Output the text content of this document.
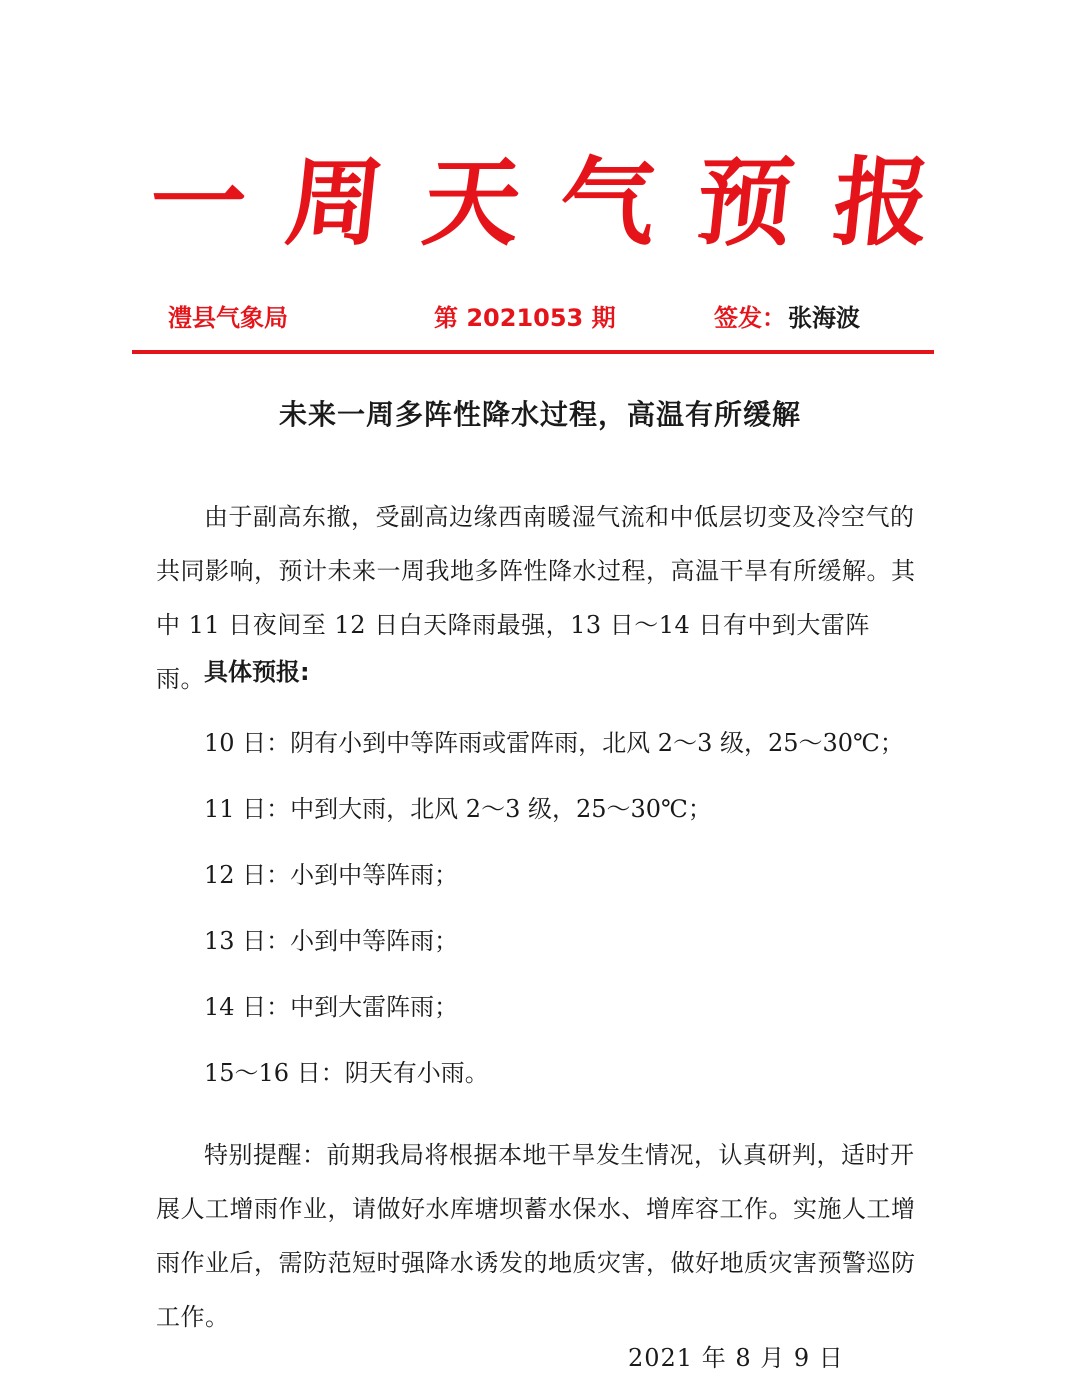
一 周 天 气 预 报
澧县气象局	第 2021053 期	签发： 张海波
未来一周多阵性降水过程，高温有所缓解

由于副高东撤，受副高边缘西南暖湿气流和中低层切变及冷空气的共同影响，预计未来一周我地多阵性降水过程，高温干旱有所缓解。其中 11 日夜间至 12 日白天降雨最强，13 日～14 日有中到大雷阵雨。 具体预报:
10 日：阴有小到中等阵雨或雷阵雨，北风 2～3 级，25～30℃；
11 日：中到大雨，北风 2～3 级，25～30℃；
12 日：小到中等阵雨；
13 日：小到中等阵雨；
14 日：中到大雷阵雨；
15～16 日：阴天有小雨。

特别提醒：前期我局将根据本地干旱发生情况，认真研判，适时开展人工增雨作业，请做好水库塘坝蓄水保水、增库容工作。实施人工增雨作业后，需防范短时强降水诱发的地质灾害，做好地质灾害预警巡防工作。

2021 年 8 月 9 日
